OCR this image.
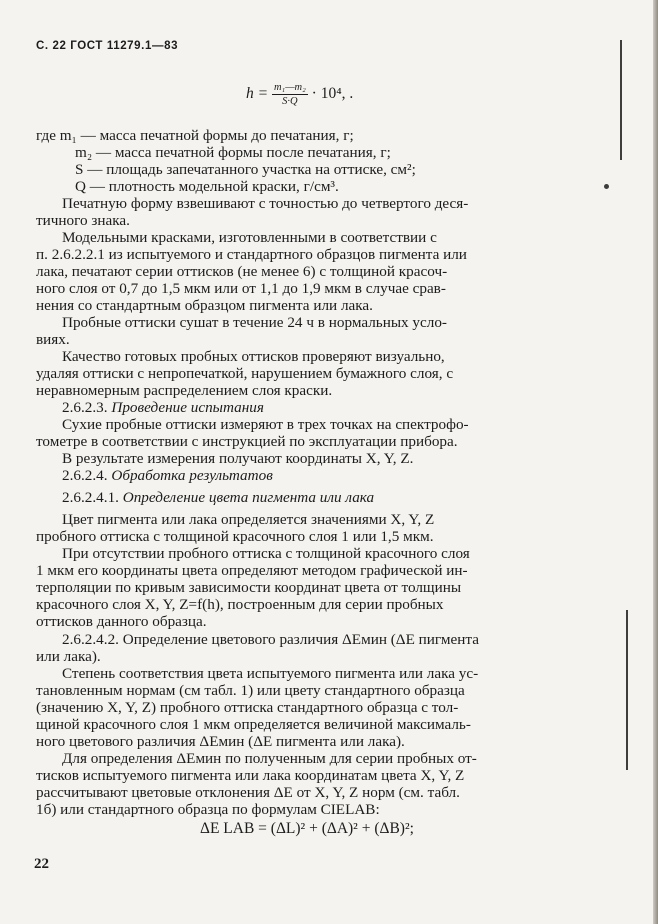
С. 22 ГОСТ 11279.1—83
$h = \frac{\text{m₁—m₂}}{S\cdot Q} \cdot 10^4$, .
где m₁ — масса печатной формы до печатания, г;
m₂ — масса печатной формы после печатания, г;
S — площадь запечатанного участка на оттиске, см²;
Q — плотность модельной краски, г/см³.
Печатную форму взвешивают с точностью до четвертого деся-
тичного знака.
Модельными красками, изготовленными в соответствии с
п. 2.6.2.2.1 из испытуемого и стандартного образцов пигмента или
лака, печатают серии оттисков (не менее 6) с толщиной красоч-
ного слоя от 0,7 до 1,5 мкм или от 1,1 до 1,9 мкм в случае срав-
нения со стандартным образцом пигмента или лака.
Пробные оттиски сушат в течение 24 ч в нормальных усло-
виях.
Качество готовых пробных оттисков проверяют визуально,
удаляя оттиски с непропечаткой, нарушением бумажного слоя, с
неравномерным распределением слоя краски.
2.6.2.3. Проведение испытания
Сухие пробные оттиски измеряют в трех точках на спектрофо-
тометре в соответствии с инструкцией по эксплуатации прибора.
В результате измерения получают координаты X, Y, Z.
2.6.2.4. Обработка результатов
2.6.2.4.1. Определение цвета пигмента или лака
Цвет пигмента или лака определяется значениями X, Y, Z
пробного оттиска с толщиной красочного слоя 1 или 1,5 мкм.
При отсутствии пробного оттиска с толщиной красочного слоя
1 мкм его координаты цвета определяют методом графической ин-
терполяции по кривым зависимости координат цвета от толщины
красочного слоя X, Y, Z=f(h), построенным для серии пробных
оттисков данного образца.
2.6.2.4.2. Определение цветового различия ΔEмин (ΔE пигмента
или лака).
Степень соответствия цвета испытуемого пигмента или лака ус-
тановленным нормам (см табл. 1) или цвету стандартного образца
(значению X, Y, Z) пробного оттиска стандартного образца с тол-
щиной красочного слоя 1 мкм определяется величиной максималь-
ного цветового различия ΔEмин (ΔE пигмента или лака).
Для определения ΔEмин по полученным для серии пробных от-
тисков испытуемого пигмента или лака координатам цвета X, Y, Z
рассчитывают цветовые отклонения ΔE от X, Y, Z норм (см. табл.
1б) или стандартного образца по формулам CIELAB:
ΔE LAB = (ΔL)² + (ΔA)² + (ΔB)²;
22
